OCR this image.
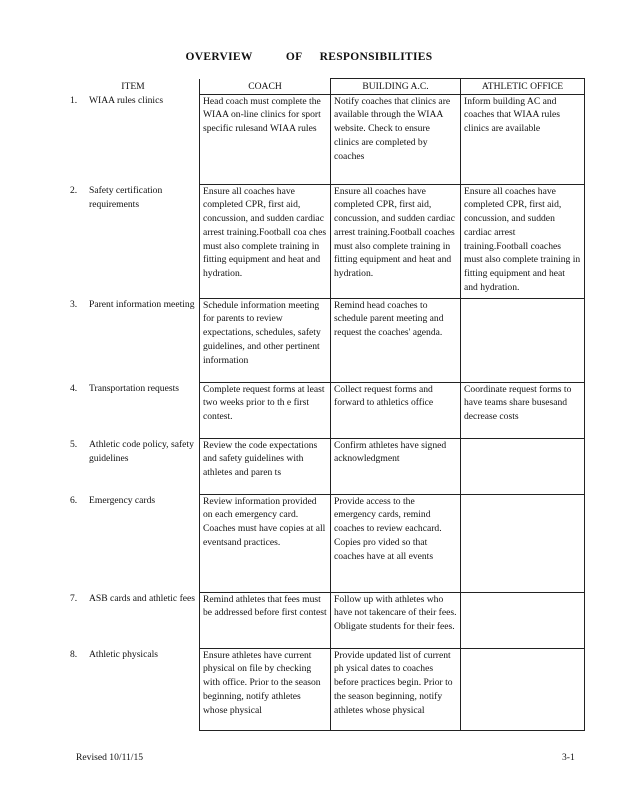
OVERVIEW	OF RESPONSIBILITIES
ITEM	COACH	BUILDING A.C.	ATHLETIC OFFICE

1. WIAA rules clinics	Head coach must complete the WIAA on-line clinics for sport specific rulesand WIAA rules	Notify coaches that clinics are available through the WIAA website. Check to ensure clinics are completed by coaches	Inform building AC and coaches that WIAA rules clinics are available

2. Safety certification requirements	Ensure all coaches have completed CPR, first aid, concussion, and sudden cardiac arrest training.Football coa ches must also complete training in fitting equipment and heat and hydration.	Ensure all coaches have completed CPR, first aid, concussion, and sudden cardiac arrest training.Football coaches must also complete training in fitting equipment and heat and hydration.	Ensure all coaches have completed CPR, first aid, concussion, and sudden cardiac arrest training.Football coaches must also complete training in fitting equipment and heat and hydration.

3. Parent information meeting	Schedule information meeting for parents to review expectations, schedules, safety guidelines, and other pertinent information	Remind head coaches to schedule parent meeting and request the coaches' agenda.	

4. Transportation requests	Complete request forms at least two weeks prior to th e first contest.	Collect request forms and forward to athletics office	Coordinate request forms to have teams share busesand decrease costs

5. Athletic code policy, safety guidelines	Review the code expectations and safety guidelines with athletes and paren ts	Confirm athletes have signed acknowledgment	

6. Emergency cards	Review information provided on each emergency card. Coaches must have copies at all eventsand practices.	Provide access to the emergency cards, remind coaches to review eachcard. Copies pro vided so that coaches have at all events	

7. ASB cards and athletic fees	Remind athletes that fees must be addressed before first contest	Follow up with athletes who have not takencare of their fees. Obligate students for their fees.	

8. Athletic physicals	Ensure athletes have current physical on file by checking with office. Prior to the season beginning, notify athletes whose physical	Provide updated list of current ph ysical dates to coaches before practices begin. Prior to the season beginning, notify athletes whose physical	
Revised 10/11/15	3-1
